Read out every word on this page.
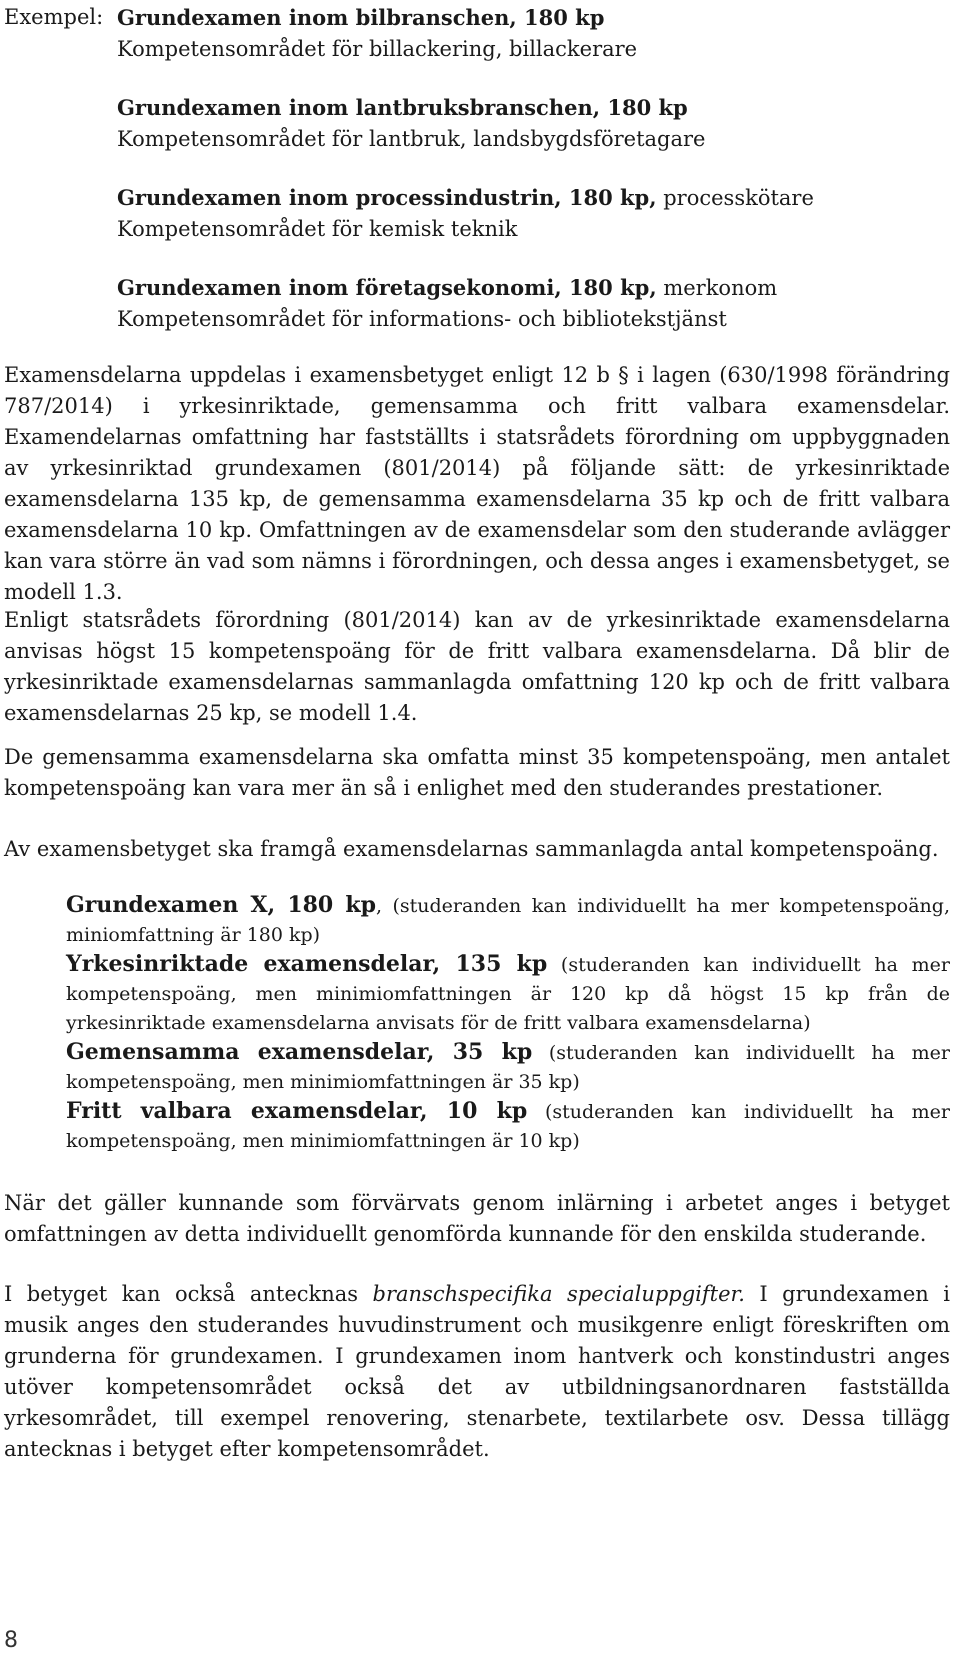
Exempel: Grundexamen inom bilbranschen, 180 kp
Kompetensområdet för billackering, billackerare
Grundexamen inom lantbruksbranschen, 180 kp
Kompetensområdet för lantbruk, landsbygdsföretagare
Grundexamen inom processindustrin, 180 kp, processkötare
Kompetensområdet för kemisk teknik
Grundexamen inom företagsekonomi, 180 kp, merkonom
Kompetensområdet för informations- och bibliotekstjänst

Examensdelarna uppdelas i examensbetyget enligt 12 b § i lagen (630/1998 förändring 787/2014) i yrkesinriktade, gemensamma och fritt valbara examensdelar. Examendelarnas omfattning har fastställts i statsrådets förordning om uppbyggnaden av yrkesinriktad grundexamen (801/2014) på följande sätt: de yrkesinriktade examensdelarna 135 kp, de gemensamma examensdelarna 35 kp och de fritt valbara examensdelarna 10 kp. Omfattningen av de examensdelar som den studerande avlägger kan vara större än vad som nämns i förordningen, och dessa anges i examensbetyget, se modell 1.3.

Enligt statsrådets förordning (801/2014) kan av de yrkesinriktade examensdelarna anvisas högst 15 kompetenspoäng för de fritt valbara examensdelarna. Då blir de yrkesinriktade examensdelarnas sammanlagda omfattning 120 kp och de fritt valbara examensdelarnas 25 kp, se modell 1.4.

De gemensamma examensdelarna ska omfatta minst 35 kompetenspoäng, men antalet kompetenspoäng kan vara mer än så i enlighet med den studerandes prestationer.

Av examensbetyget ska framgå examensdelarnas sammanlagda antal kompetenspoäng.

Grundexamen X, 180 kp, (studeranden kan individuellt ha mer kompetenspoäng, miniomfattning är 180 kp)

Yrkesinriktade examensdelar, 135 kp (studeranden kan individuellt ha mer kompetenspoäng, men minimiomfattningen är 120 kp då högst 15 kp från de yrkesinriktade examensdelarna anvisats för de fritt valbara examensdelarna)

Gemensamma examensdelar, 35 kp (studeranden kan individuellt ha mer kompetenspoäng, men minimiomfattningen är 35 kp)

Fritt valbara examensdelar, 10 kp (studeranden kan individuellt ha mer kompetenspoäng, men minimiomfattningen är 10 kp)

När det gäller kunnande som förvärvats genom inlärning i arbetet anges i betyget omfattningen av detta individuellt genomförda kunnande för den enskilda studerande.

I betyget kan också antecknas branschspecifika specialuppgifter. I grundexamen i musik anges den studerandes huvudinstrument och musikgenre enligt föreskriften om grunderna för grundexamen. I grundexamen inom hantverk och konstindustri anges utöver kompetensområdet också det av utbildningsanordnaren fastställda yrkesområdet, till exempel renovering, stenarbete, textilarbete osv. Dessa tillägg antecknas i betyget efter kompetensområdet.

8
